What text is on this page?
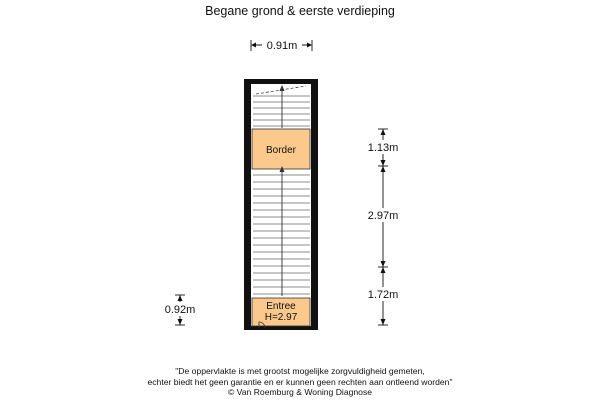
Begane grond & eerste verdieping
Border
Entree
H=2.97
0.91m
1.13m
2.97m
1.72m
0.92m
"De oppervlakte is met grootst mogelijke zorgvuldigheid gemeten,
echter biedt het geen garantie en er kunnen geen rechten aan ontleend worden"
© Van Roemburg & Woning Diagnose
